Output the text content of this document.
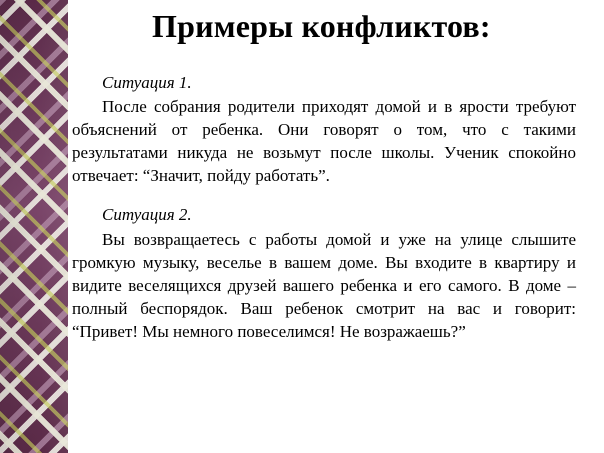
Примеры конфликтов:
Ситуация 1.
После собрания родители приходят домой и в ярости требуют объяснений от ребенка. Они говорят о том, что с такими результатами никуда не возьмут после школы. Ученик спокойно отвечает: “Значит, пойду работать”.
Ситуация 2.
Вы возвращаетесь с работы домой и уже на улице слышите громкую музыку, веселье в вашем доме. Вы входите в квартиру и видите веселящихся друзей вашего ребенка и его самого. В доме – полный беспорядок. Ваш ребенок смотрит на вас и говорит: “Привет! Мы немного повеселимся! Не возражаешь?”
